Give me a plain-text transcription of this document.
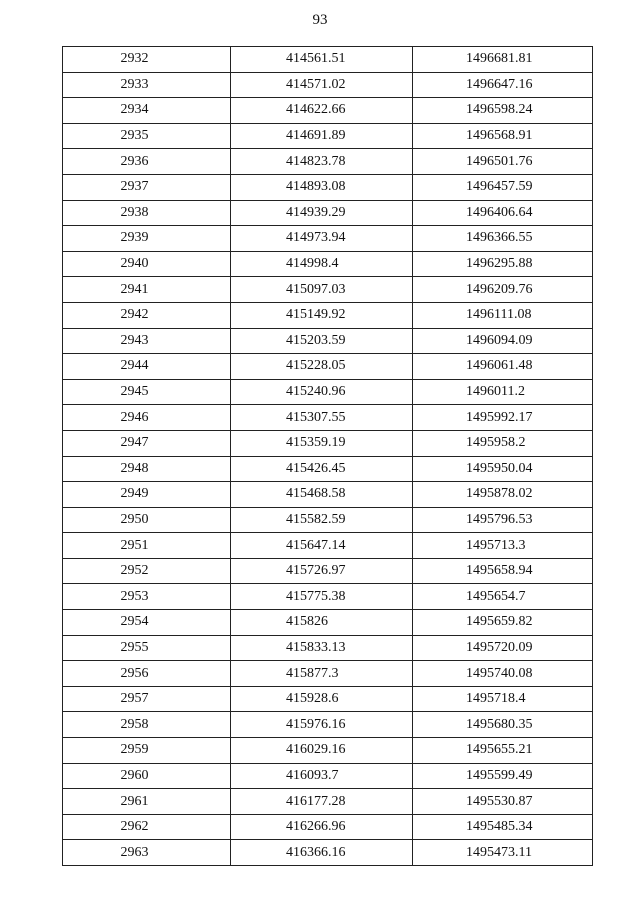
93
2932	414561.51	1496681.81
2933	414571.02	1496647.16
2934	414622.66	1496598.24
2935	414691.89	1496568.91
2936	414823.78	1496501.76
2937	414893.08	1496457.59
2938	414939.29	1496406.64
2939	414973.94	1496366.55
2940	414998.4	1496295.88
2941	415097.03	1496209.76
2942	415149.92	1496111.08
2943	415203.59	1496094.09
2944	415228.05	1496061.48
2945	415240.96	1496011.2
2946	415307.55	1495992.17
2947	415359.19	1495958.2
2948	415426.45	1495950.04
2949	415468.58	1495878.02
2950	415582.59	1495796.53
2951	415647.14	1495713.3
2952	415726.97	1495658.94
2953	415775.38	1495654.7
2954	415826	1495659.82
2955	415833.13	1495720.09
2956	415877.3	1495740.08
2957	415928.6	1495718.4
2958	415976.16	1495680.35
2959	416029.16	1495655.21
2960	416093.7	1495599.49
2961	416177.28	1495530.87
2962	416266.96	1495485.34
2963	416366.16	1495473.11
